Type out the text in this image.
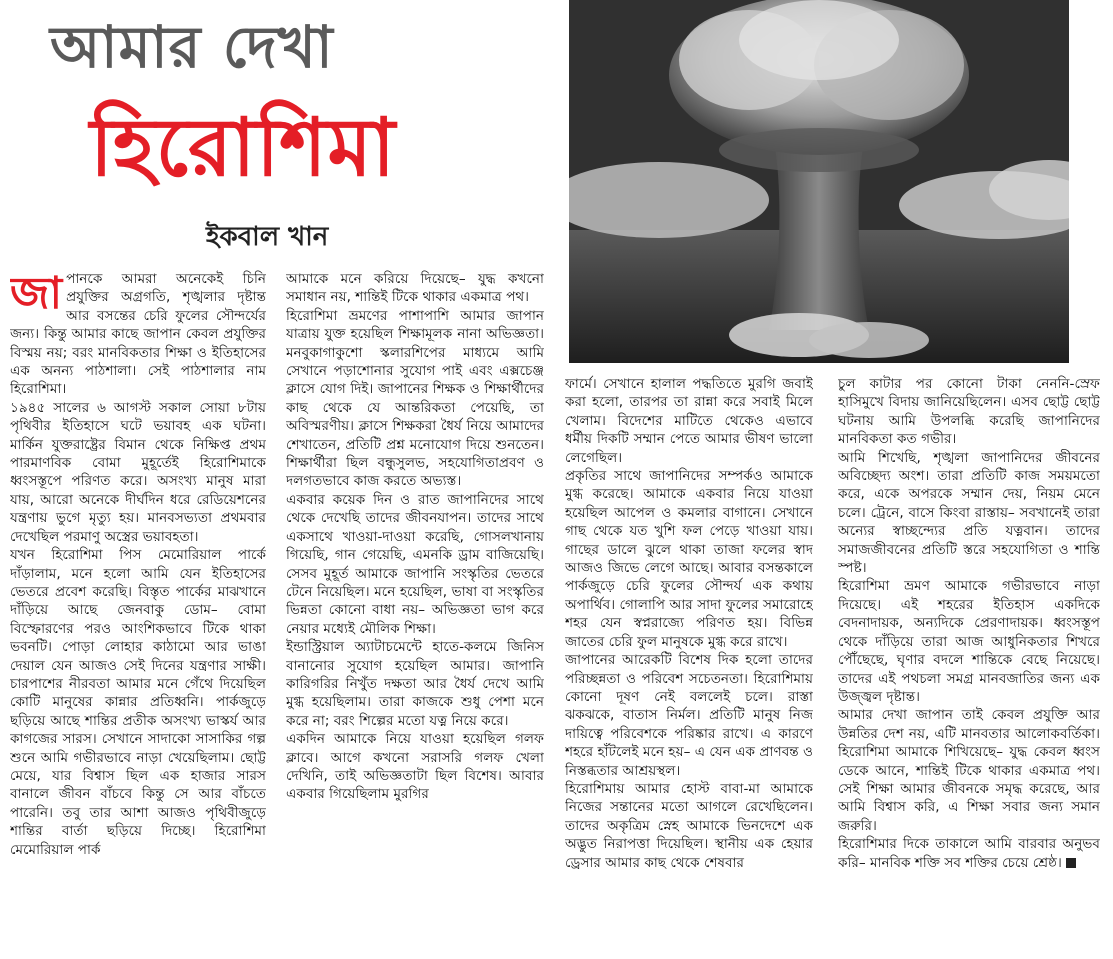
আমার দেখা
হিরোশিমা
ইকবাল খান

জাপানকে আমরা অনেকেই চিনি প্রযুক্তির অগ্রগতি, শৃঙ্খলার দৃষ্টান্ত আর বসন্তের চেরি ফুলের সৌন্দর্যের জন্য। কিন্তু আমার কাছে জাপান কেবল প্রযুক্তির বিস্ময় নয়; বরং মানবিকতার শিক্ষা ও ইতিহাসের এক অনন্য পাঠশালা। সেই পাঠশালার নাম হিরোশিমা।

১৯৪৫ সালের ৬ আগস্ট সকাল সোয়া ৮টায় পৃথিবীর ইতিহাসে ঘটে ভয়াবহ এক ঘটনা। মার্কিন যুক্তরাষ্ট্রের বিমান থেকে নিক্ষিপ্ত প্রথম পারমাণবিক বোমা মুহূর্তেই হিরোশিমাকে ধ্বংসস্তূপে পরিণত করে। অসংখ্য মানুষ মারা যায়, আরো অনেকে দীর্ঘদিন ধরে রেডিয়েশনের যন্ত্রণায় ভুগে মৃত্যু হয়। মানবসভ্যতা প্রথমবার দেখেছিল পরমাণু অস্ত্রের ভয়াবহতা।

যখন হিরোশিমা পিস মেমোরিয়াল পার্কে দাঁড়ালাম, মনে হলো আমি যেন ইতিহাসের ভেতরে প্রবেশ করেছি। বিস্তৃত পার্কের মাঝখানে দাঁড়িয়ে আছে জেনবাকু ডোম– বোমা বিস্ফোরণের পরও আংশিকভাবে টিকে থাকা ভবনটি। পোড়া লোহার কাঠামো আর ভাঙা দেয়াল যেন আজও সেই দিনের যন্ত্রণার সাক্ষী। চারপাশের নীরবতা আমার মনে গেঁথে দিয়েছিল কোটি মানুষের কান্নার প্রতিধ্বনি। পার্কজুড়ে ছড়িয়ে আছে শান্তির প্রতীক অসংখ্য ভাস্কর্য আর কাগজের সারস। সেখানে সাদাকো সাসাকির গল্প শুনে আমি গভীরভাবে নাড়া খেয়েছিলাম। ছোট্ট মেয়ে, যার বিশ্বাস ছিল এক হাজার সারস বানালে জীবন বাঁচবে কিন্তু সে আর বাঁচতে পারেনি। তবু তার আশা আজও পৃথিবীজুড়ে শান্তির বার্তা ছড়িয়ে দিচ্ছে। হিরোশিমা মেমোরিয়াল পার্ক

আমাকে মনে করিয়ে দিয়েছে– যুদ্ধ কখনো সমাধান নয়, শান্তিই টিকে থাকার একমাত্র পথ।

হিরোশিমা ভ্রমণের পাশাপাশি আমার জাপান যাত্রায় যুক্ত হয়েছিল শিক্ষামূলক নানা অভিজ্ঞতা। মনবুকাগাকুশো স্কলারশিপের মাধ্যমে আমি সেখানে পড়াশোনার সুযোগ পাই এবং এক্সচেঞ্জ ক্লাসে যোগ দিই। জাপানের শিক্ষক ও শিক্ষার্থীদের কাছ থেকে যে আন্তরিকতা পেয়েছি, তা অবিস্মরণীয়। ক্লাসে শিক্ষকরা ধৈর্য নিয়ে আমাদের শেখাতেন, প্রতিটি প্রশ্ন মনোযোগ দিয়ে শুনতেন। শিক্ষার্থীরা ছিল বন্ধুসুলভ, সহযোগিতাপ্রবণ ও দলগতভাবে কাজ করতে অভ্যস্ত।

একবার কয়েক দিন ও রাত জাপানিদের সাথে থেকে দেখেছি তাদের জীবনযাপন। তাদের সাথে একসাথে খাওয়া-দাওয়া করেছি, গোসলখানায় গিয়েছি, গান গেয়েছি, এমনকি ড্রাম বাজিয়েছি। সেসব মুহূর্ত আমাকে জাপানি সংস্কৃতির ভেতরে টেনে নিয়েছিল। মনে হয়েছিল, ভাষা বা সংস্কৃতির ভিন্নতা কোনো বাধা নয়– অভিজ্ঞতা ভাগ করে নেয়ার মধ্যেই মৌলিক শিক্ষা।

ইন্ডাস্ট্রিয়াল অ্যাটাচমেন্টে হাতে-কলমে জিনিস বানানোর সুযোগ হয়েছিল আমার। জাপানি কারিগরির নিখুঁত দক্ষতা আর ধৈর্য দেখে আমি মুগ্ধ হয়েছিলাম। তারা কাজকে শুধু পেশা মনে করে না; বরং শিল্পের মতো যত্ন নিয়ে করে।

একদিন আমাকে নিয়ে যাওয়া হয়েছিল গলফ ক্লাবে। আগে কখনো সরাসরি গলফ খেলা দেখিনি, তাই অভিজ্ঞতাটা ছিল বিশেষ। আবার একবার গিয়েছিলাম মুরগির

ফার্মে। সেখানে হালাল পদ্ধতিতে মুরগি জবাই করা হলো, তারপর তা রান্না করে সবাই মিলে খেলাম। বিদেশের মাটিতে থেকেও এভাবে ধর্মীয় দিকটি সম্মান পেতে আমার ভীষণ ভালো লেগেছিল।

প্রকৃতির সাথে জাপানিদের সম্পর্কও আমাকে মুগ্ধ করেছে। আমাকে একবার নিয়ে যাওয়া হয়েছিল আপেল ও কমলার বাগানে। সেখানে গাছ থেকে যত খুশি ফল পেড়ে খাওয়া যায়। গাছের ডালে ঝুলে থাকা তাজা ফলের স্বাদ আজও জিভে লেগে আছে। আবার বসন্তকালে পার্কজুড়ে চেরি ফুলের সৌন্দর্য এক কথায় অপার্থিব। গোলাপি আর সাদা ফুলের সমারোহে শহর যেন স্বপ্নরাজ্যে পরিণত হয়। বিভিন্ন জাতের চেরি ফুল মানুষকে মুগ্ধ করে রাখে।

জাপানের আরেকটি বিশেষ দিক হলো তাদের পরিচ্ছন্নতা ও পরিবেশ সচেতনতা। হিরোশিমায় কোনো দূষণ নেই বললেই চলে। রাস্তা ঝকঝকে, বাতাস নির্মল। প্রতিটি মানুষ নিজ দায়িত্বে পরিবেশকে পরিষ্কার রাখে। এ কারণে শহরে হাঁটলেই মনে হয়– এ যেন এক প্রাণবন্ত ও নিস্তব্ধতার আশ্রয়স্থল।

হিরোশিমায় আমার হোস্ট বাবা-মা আমাকে নিজের সন্তানের মতো আগলে রেখেছিলেন। তাদের অকৃত্রিম স্নেহ আমাকে ভিনদেশে এক অদ্ভুত নিরাপত্তা দিয়েছিল। স্থানীয় এক হেয়ার ড্রেসার আমার কাছ থেকে শেষবার

চুল কাটার পর কোনো টাকা নেননি-স্রেফ হাসিমুখে বিদায় জানিয়েছিলেন। এসব ছোট্ট ছোট্ট ঘটনায় আমি উপলব্ধি করেছি জাপানিদের মানবিকতা কত গভীর।

আমি শিখেছি, শৃঙ্খলা জাপানিদের জীবনের অবিচ্ছেদ্য অংশ। তারা প্রতিটি কাজ সময়মতো করে, একে অপরকে সম্মান দেয়, নিয়ম মেনে চলে। ট্রেনে, বাসে কিংবা রাস্তায়– সবখানেই তারা অন্যের স্বাচ্ছন্দ্যের প্রতি যত্নবান। তাদের সমাজজীবনের প্রতিটি স্তরে সহযোগিতা ও শান্তি স্পষ্ট।

হিরোশিমা ভ্রমণ আমাকে গভীরভাবে নাড়া দিয়েছে। এই শহরের ইতিহাস একদিকে বেদনাদায়ক, অন্যদিকে প্রেরণাদায়ক। ধ্বংসস্তূপ থেকে দাঁড়িয়ে তারা আজ আধুনিকতার শিখরে পৌঁছেছে, ঘৃণার বদলে শান্তিকে বেছে নিয়েছে। তাদের এই পথচলা সমগ্র মানবজাতির জন্য এক উজ্জ্বল দৃষ্টান্ত।

আমার দেখা জাপান তাই কেবল প্রযুক্তি আর উন্নতির দেশ নয়, এটি মানবতার আলোকবর্তিকা। হিরোশিমা আমাকে শিখিয়েছে– যুদ্ধ কেবল ধ্বংস ডেকে আনে, শান্তিই টিকে থাকার একমাত্র পথ। সেই শিক্ষা আমার জীবনকে সমৃদ্ধ করেছে, আর আমি বিশ্বাস করি, এ শিক্ষা সবার জন্য সমান জরুরি।

হিরোশিমার দিকে তাকালে আমি বারবার অনুভব করি– মানবিক শক্তি সব শক্তির চেয়ে শ্রেষ্ঠ।
